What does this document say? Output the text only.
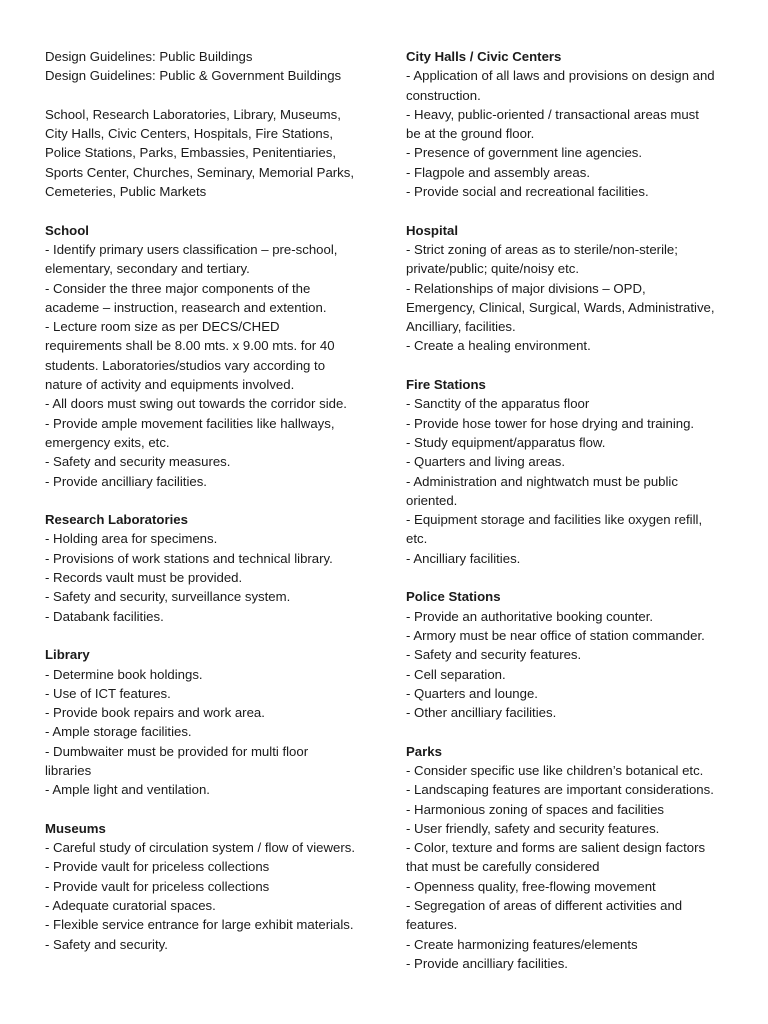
Design Guidelines: Public Buildings

Design Guidelines: Public & Government Buildings

School, Research Laboratories, Library, Museums,

City Halls, Civic Centers, Hospitals, Fire Stations,

Police Stations, Parks, Embassies, Penitentiaries,

Sports Center, Churches, Seminary, Memorial Parks,

Cemeteries, Public Markets

School

- Identify primary users classification – pre-school,

elementary, secondary and tertiary.

- Consider the three major components of the

academe – instruction, reasearch and extention.

- Lecture room size as per DECS/CHED

requirements shall be 8.00 mts. x 9.00 mts. for 40

students. Laboratories/studios vary according to

nature of activity and equipments involved.

- All doors must swing out towards the corridor side.

- Provide ample movement facilities like hallways,

emergency exits, etc.

- Safety and security measures.

- Provide ancilliary facilities.

Research Laboratories

- Holding area for specimens.

- Provisions of work stations and technical library.

- Records vault must be provided.

- Safety and security, surveillance system.

- Databank facilities.

Library

- Determine book holdings.

- Use of ICT features.

- Provide book repairs and work area.

- Ample storage facilities.

- Dumbwaiter must be provided for multi floor

libraries

- Ample light and ventilation.

Museums

- Careful study of circulation system / flow of viewers.

- Provide vault for priceless collections

- Provide vault for priceless collections

- Adequate curatorial spaces.

- Flexible service entrance for large exhibit materials.

- Safety and security.

City Halls / Civic Centers

- Application of all laws and provisions on design and

construction.

- Heavy, public-oriented / transactional areas must

be at the ground floor.

- Presence of government line agencies.

- Flagpole and assembly areas.

- Provide social and recreational facilities.

Hospital

- Strict zoning of areas as to sterile/non-sterile;

private/public; quite/noisy etc.

- Relationships of major divisions – OPD,

Emergency, Clinical, Surgical, Wards, Administrative,

Ancilliary, facilities.

- Create a healing environment.

Fire Stations

- Sanctity of the apparatus floor

- Provide hose tower for hose drying and training.

- Study equipment/apparatus flow.

- Quarters and living areas.

- Administration and nightwatch must be public

oriented.

- Equipment storage and facilities like oxygen refill,

etc.

- Ancilliary facilities.

Police Stations

- Provide an authoritative booking counter.

- Armory must be near office of station commander.

- Safety and security features.

- Cell separation.

- Quarters and lounge.

- Other ancilliary facilities.

Parks

- Consider specific use like children’s botanical etc.

- Landscaping features are important considerations.

- Harmonious zoning of spaces and facilities

- User friendly, safety and security features.

- Color, texture and forms are salient design factors

that must be carefully considered

- Openness quality, free-flowing movement

- Segregation of areas of different activities and

features.

- Create harmonizing features/elements

- Provide ancilliary facilities.
